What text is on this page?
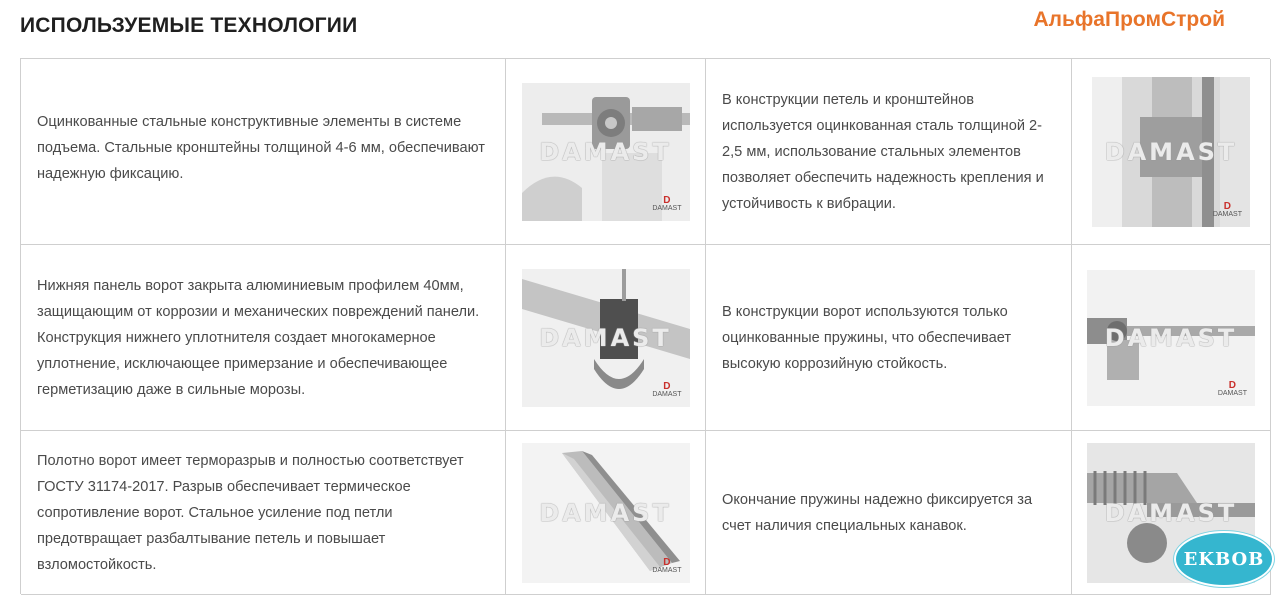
ИСПОЛЬЗУЕМЫЕ ТЕХНОЛОГИИ	АльфаПромСтрой
Оцинкованные стальные конструктивные элементы в системе подъема. Стальные кронштейны толщиной 4-6 мм, обеспечивают надежную фиксацию.
DAMAST
D
DAMAST
В конструкции петель и кронштейнов используется оцинкованная сталь толщиной 2-2,5 мм, использование стальных элементов позволяет обеспечить надежность крепления и устойчивость к вибрации.
DAMAST
D
DAMAST
Нижняя панель ворот закрыта алюминиевым профилем 40мм, защищающим от коррозии и механических повреждений панели. Конструкция нижнего уплотнителя создает многокамерное уплотнение, исключающее примерзание и обеспечивающее герметизацию даже в сильные морозы.
DAMAST
D
DAMAST
В конструкции ворот используются только оцинкованные пружины, что обеспечивает высокую коррозийную стойкость.
DAMAST
D
DAMAST
Полотно ворот имеет терморазрыв и полностью соответствует ГОСТУ 31174-2017. Разрыв обеспечивает термическое сопротивление ворот. Стальное усиление под петли предотвращает разбалтывание петель и повышает взломостойкость.
DAMAST
D
DAMAST
Окончание пружины надежно фиксируется за счет наличия специальных канавок.	DAMAST
EKBOB
